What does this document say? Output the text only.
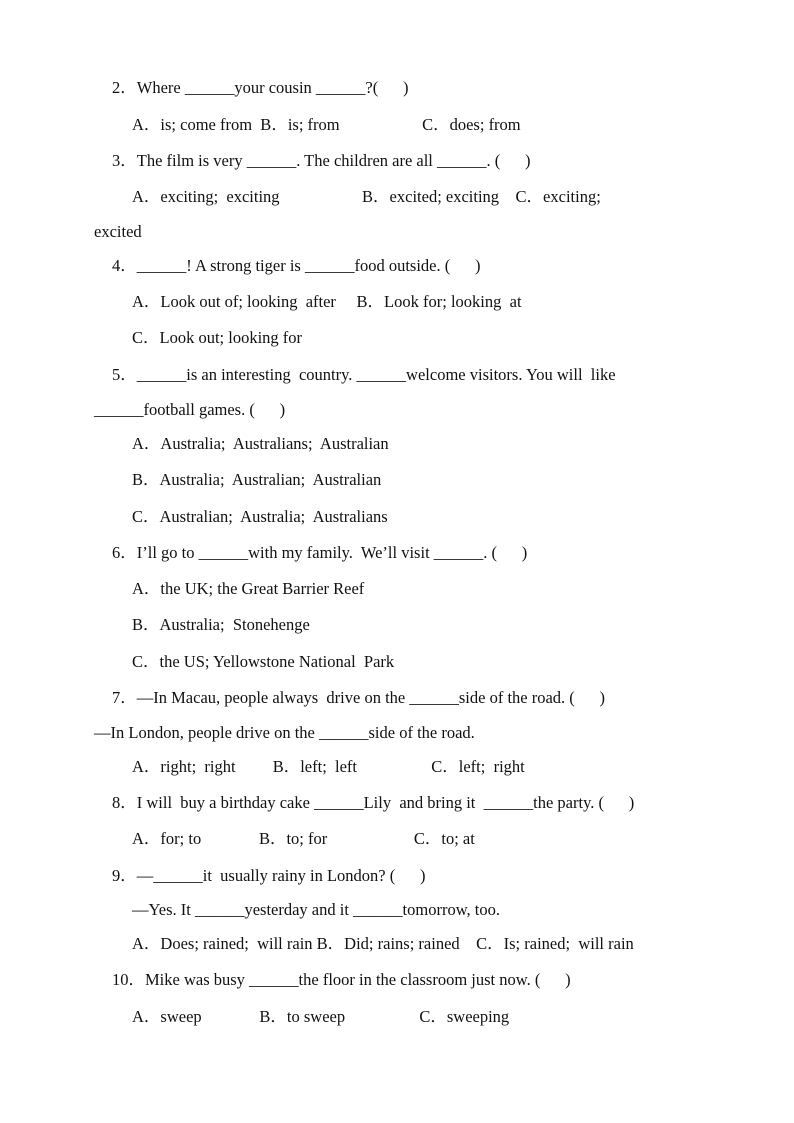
2．Where ______your cousin ______?(      )
A．is; come from  B．is; from                    C．does; from
3．The film is very ______. The children are all ______. (      )
A．exciting;  exciting                    B．excited; exciting    C．exciting;
excited
4．______! A strong tiger is ______food outside. (      )
A．Look out of; looking  after     B．Look for; looking  at
C．Look out; looking for
5．______is an interesting  country. ______welcome visitors. You will  like
______football games. (      )
A．Australia;  Australians;  Australian
B．Australia;  Australian;  Australian
C．Australian;  Australia;  Australians
6．I’ll go to ______with my family.  We’ll visit ______. (      )
A．the UK; the Great Barrier Reef
B．Australia;  Stonehenge
C．the US; Yellowstone National  Park
7．—In Macau, people always  drive on the ______side of the road. (      )
—In London, people drive on the ______side of the road.
A．right;  right         B．left;  left                  C．left;  right
8．I will  buy a birthday cake ______Lily  and bring it  ______the party. (      )
A．for; to              B．to; for                     C．to; at
9．—______it  usually rainy in London? (      )
—Yes. It ______yesterday and it ______tomorrow, too.
A．Does; rained;  will rain B．Did; rains; rained    C．Is; rained;  will rain
10．Mike was busy ______the floor in the classroom just now. (      )
A．sweep              B．to sweep                  C．sweeping
